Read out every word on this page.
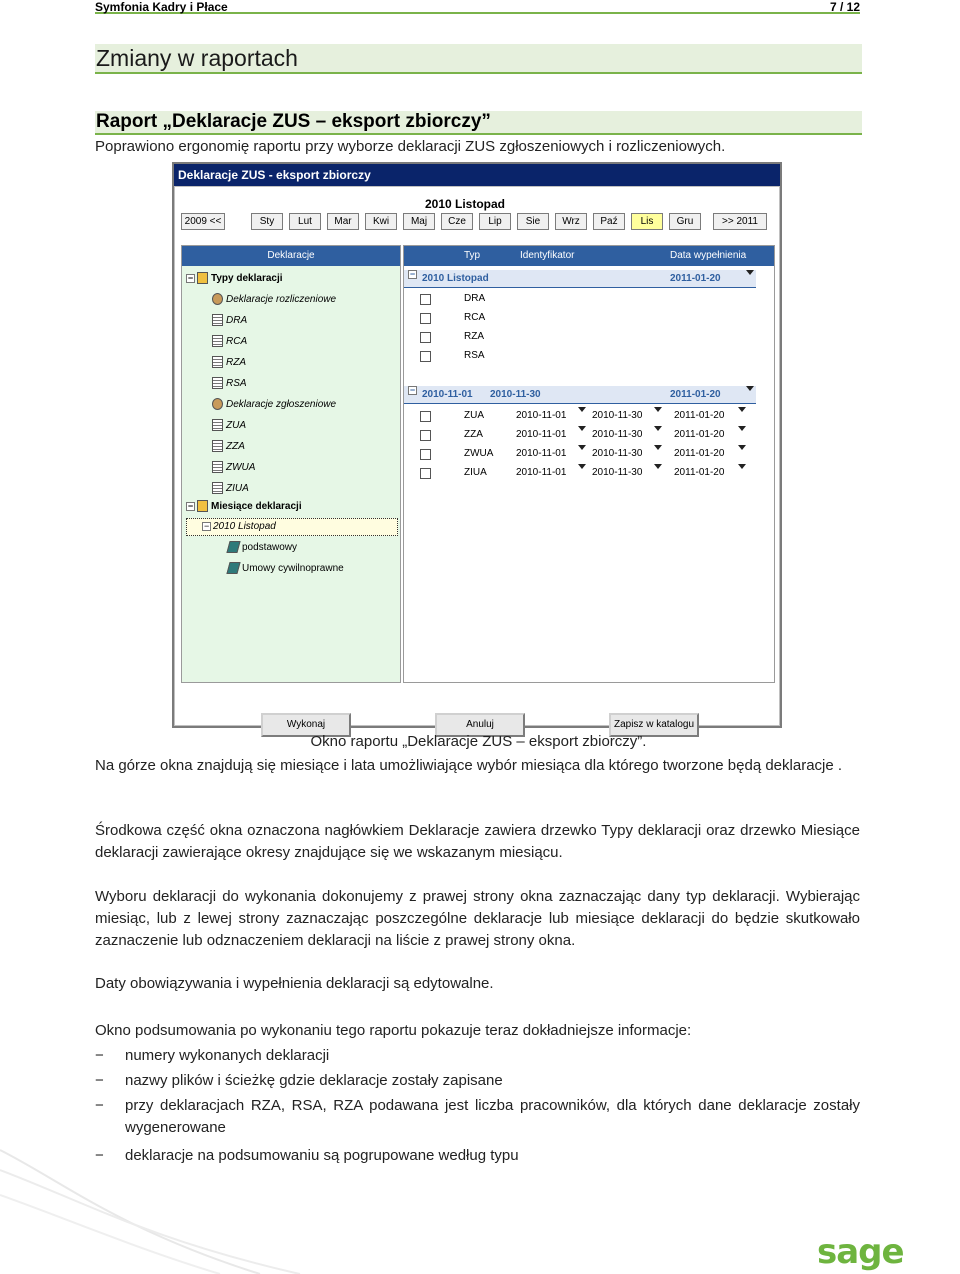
Symfonia Kadry i Płace	7 / 12
Zmiany w raportach
Raport „Deklaracje ZUS – eksport zbiorczy”
Poprawiono ergonomię raportu przy wyborze deklaracji ZUS zgłoszeniowych i rozliczeniowych.
Deklaracje ZUS - eksport zbiorczy
2010 Listopad
2009 <<	Sty	Lut	Mar	Kwi	Maj	Cze	Lip	Sie	Wrz	Paź	Lis	Gru	>> 2011
Deklaracje
− Typy deklaracji
Deklaracje rozliczeniowe
DRA
RCA
RZA
RSA
Deklaracje zgłoszeniowe
ZUA
ZZA
ZWUA
ZIUA
− Miesiące deklaracji
− 2010 Listopad
podstawowy
Umowy cywilnoprawne
Typ	Identyfikator	Data wypełnienia
− 2010 Listopad	2011-01-20
DRA
RCA
RZA
RSA
− 2010-11-01 2010-11-30	2011-01-20
ZUA	2010-11-01	2010-11-30	2011-01-20
ZZA	2010-11-01	2010-11-30	2011-01-20
ZWUA 2010-11-01	2010-11-30	2011-01-20
ZIUA	2010-11-01	2010-11-30	2011-01-20
Wykonaj	Anuluj	Zapisz w katalogu
Okno raportu „Deklaracje ZUS – eksport zbiorczy”.
Na górze okna znajdują się miesiące i lata umożliwiające wybór miesiąca dla którego tworzone będą deklaracje .
Środkowa część okna oznaczona nagłówkiem Deklaracje zawiera drzewko Typy deklaracji oraz drzewko Miesiące deklaracji zawierające okresy znajdujące się we wskazanym miesiącu.
Wyboru deklaracji do wykonania dokonujemy z prawej strony okna zaznaczając dany typ deklaracji. Wybierając miesiąc, lub z lewej strony zaznaczając poszczególne deklaracje lub miesiące deklaracji do będzie skutkowało zaznaczenie lub odznaczeniem deklaracji na liście z prawej strony okna.
Daty obowiązywania i wypełnienia deklaracji są edytowalne.
Okno podsumowania po wykonaniu tego raportu pokazuje teraz dokładniejsze informacje:
− numery wykonanych deklaracji
− nazwy plików i ścieżkę gdzie deklaracje zostały zapisane
− przy deklaracjach RZA, RSA, RZA podawana jest liczba pracowników, dla których dane deklaracje zostały wygenerowane
− deklaracje na podsumowaniu są pogrupowane według typu
sage
